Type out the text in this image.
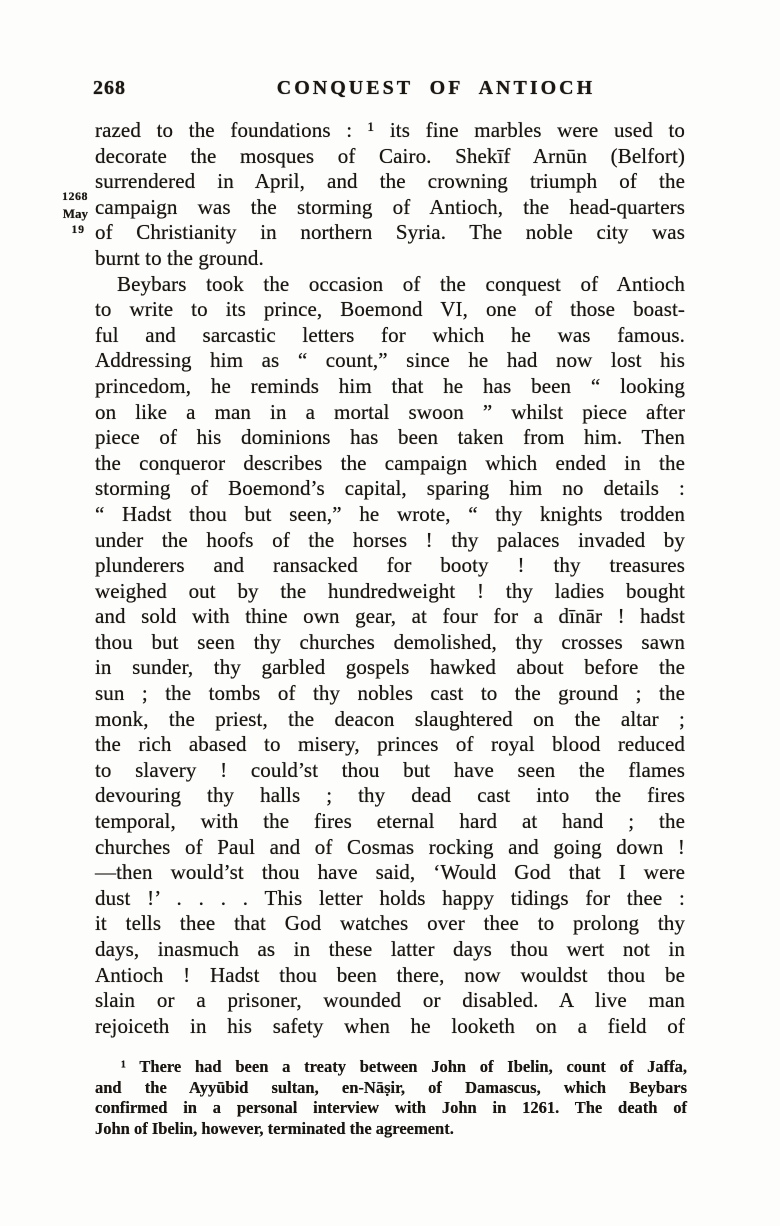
268	CONQUEST OF ANTIOCH
1268
May
19
razed to the foundations : ¹ its fine marbles were used to
decorate the mosques of Cairo. Shekīf Arnūn (Belfort)
surrendered in April, and the crowning triumph of the
campaign was the storming of Antioch, the head-quarters
of Christianity in northern Syria. The noble city was
burnt to the ground.
Beybars took the occasion of the conquest of Antioch
to write to its prince, Boemond VI, one of those boast-
ful and sarcastic letters for which he was famous.
Addressing him as “ count,” since he had now lost his
princedom, he reminds him that he has been “ looking
on like a man in a mortal swoon ” whilst piece after
piece of his dominions has been taken from him. Then
the conqueror describes the campaign which ended in the
storming of Boemond’s capital, sparing him no details :
“ Hadst thou but seen,” he wrote, “ thy knights trodden
under the hoofs of the horses ! thy palaces invaded by
plunderers and ransacked for booty ! thy treasures
weighed out by the hundredweight ! thy ladies bought
and sold with thine own gear, at four for a dīnār ! hadst
thou but seen thy churches demolished, thy crosses sawn
in sunder, thy garbled gospels hawked about before the
sun ; the tombs of thy nobles cast to the ground ; the
monk, the priest, the deacon slaughtered on the altar ;
the rich abased to misery, princes of royal blood reduced
to slavery ! could’st thou but have seen the flames
devouring thy halls ; thy dead cast into the fires
temporal, with the fires eternal hard at hand ; the
churches of Paul and of Cosmas rocking and going down !
—then would’st thou have said, ‘Would God that I were
dust !’ . . . . This letter holds happy tidings for thee :
it tells thee that God watches over thee to prolong thy
days, inasmuch as in these latter days thou wert not in
Antioch ! Hadst thou been there, now wouldst thou be
slain or a prisoner, wounded or disabled. A live man
rejoiceth in his safety when he looketh on a field of
¹ There had been a treaty between John of Ibelin, count of Jaffa,
and the Ayyūbid sultan, en-Nāṣir, of Damascus, which Beybars
confirmed in a personal interview with John in 1261. The death of
John of Ibelin, however, terminated the agreement.
